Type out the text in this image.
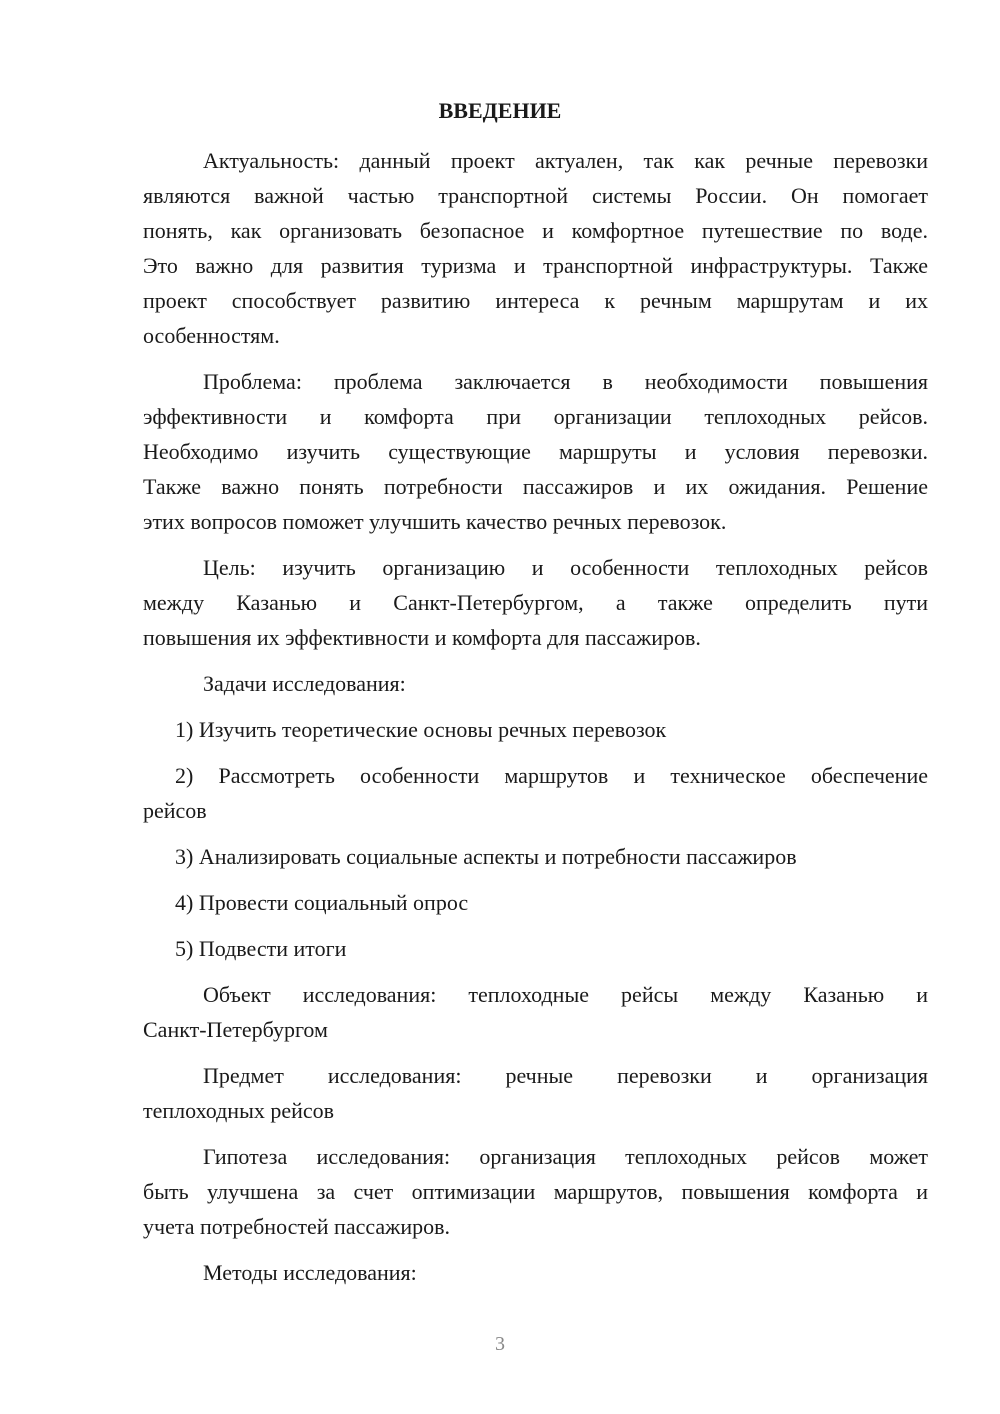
ВВЕДЕНИЕ
Актуальность: данный проект актуален, так как речные перевозки
являются важной частью транспортной системы России. Он помогает
понять, как организовать безопасное и комфортное путешествие по воде.
Это важно для развития туризма и транспортной инфраструктуры. Также
проект способствует развитию интереса к речным маршрутам и их
особенностям.
Проблема: проблема заключается в необходимости повышения
эффективности и комфорта при организации теплоходных рейсов.
Необходимо изучить существующие маршруты и условия перевозки.
Также важно понять потребности пассажиров и их ожидания. Решение
этих вопросов поможет улучшить качество речных перевозок.
Цель: изучить организацию и особенности теплоходных рейсов
между Казанью и Санкт-Петербургом, а также определить пути
повышения их эффективности и комфорта для пассажиров.
Задачи исследования:
1) Изучить теоретические основы речных перевозок
2) Рассмотреть особенности маршрутов и техническое обеспечение
рейсов
3) Анализировать социальные аспекты и потребности пассажиров
4) Провести социальный опрос
5) Подвести итоги
Объект исследования: теплоходные рейсы между Казанью и
Санкт-Петербургом
Предмет исследования: речные перевозки и организация
теплоходных рейсов
Гипотеза исследования: организация теплоходных рейсов может
быть улучшена за счет оптимизации маршрутов, повышения комфорта и
учета потребностей пассажиров.
Методы исследования:
3
